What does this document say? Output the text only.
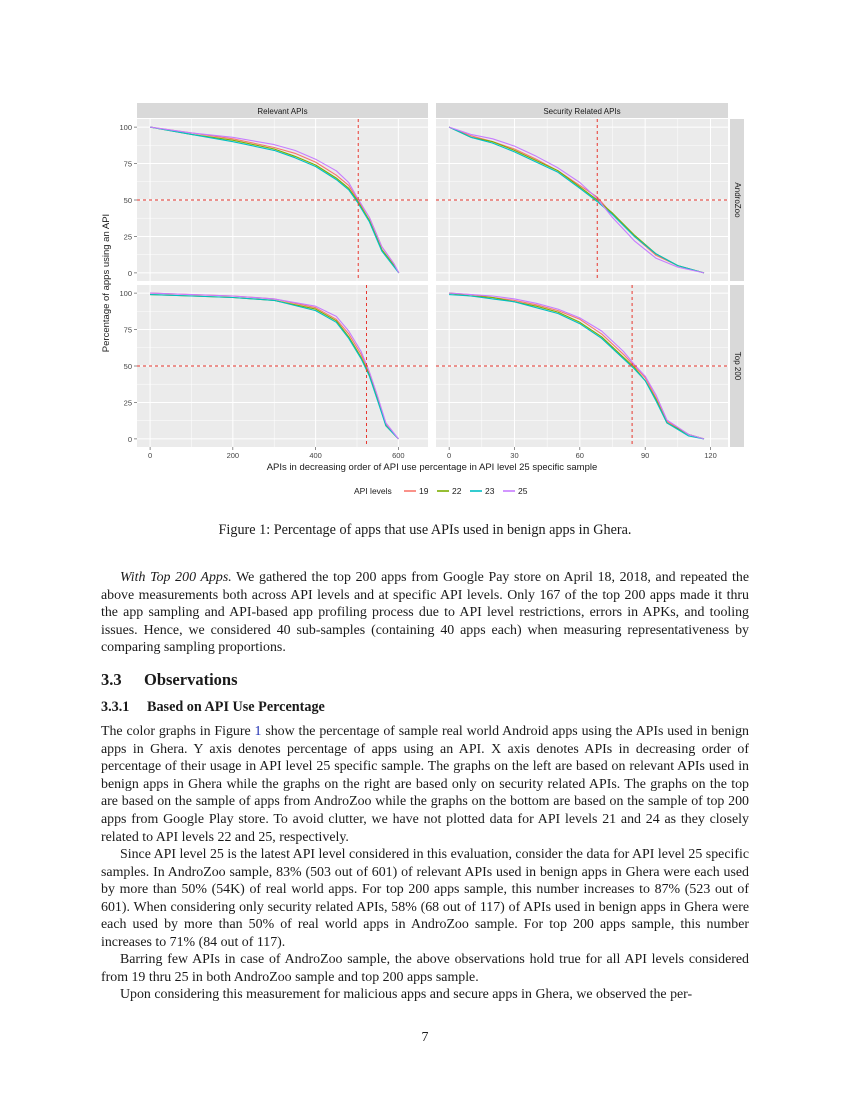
Relevant APIs	Security Related APIs
AndroZoo
Top 200
0
25
50
75
100
0
25
50
75
100
0	200	400	600	0	30	60	90	120
Percentage of apps using an API
APIs in decreasing order of API use percentage in API level 25 specific sample
API levels	19	22	23	25
Figure 1: Percentage of apps that use APIs used in benign apps in Ghera.

With Top 200 Apps. We gathered the top 200 apps from Google Pay store on April 18, 2018, and repeated the above measurements both across API levels and at specific API levels. Only 167 of the top 200 apps made it thru the app sampling and API-based app profiling process due to API level restrictions, errors in APKs, and tooling issues. Hence, we considered 40 sub-samples (containing 40 apps each) when measuring representativeness by comparing sampling proportions.

3.3 Observations
3.3.1 Based on API Use Percentage

The color graphs in Figure 1 show the percentage of sample real world Android apps using the APIs used in benign apps in Ghera. Y axis denotes percentage of apps using an API. X axis denotes APIs in decreasing order of percentage of their usage in API level 25 specific sample. The graphs on the left are based on relevant APIs used in benign apps in Ghera while the graphs on the right are based only on security related APIs. The graphs on the top are based on the sample of apps from AndroZoo while the graphs on the bottom are based on the sample of top 200 apps from Google Play store. To avoid clutter, we have not plotted data for API levels 21 and 24 as they closely related to API levels 22 and 25, respectively.

Since API level 25 is the latest API level considered in this evaluation, consider the data for API level 25 specific samples. In AndroZoo sample, 83% (503 out of 601) of relevant APIs used in benign apps in Ghera were each used by more than 50% (54K) of real world apps. For top 200 apps sample, this number increases to 87% (523 out of 601). When considering only security related APIs, 58% (68 out of 117) of APIs used in benign apps in Ghera were each used by more than 50% of real world apps in AndroZoo sample. For top 200 apps sample, this number increases to 71% (84 out of 117).

Barring few APIs in case of AndroZoo sample, the above observations hold true for all API levels considered from 19 thru 25 in both AndroZoo sample and top 200 apps sample.

Upon considering this measurement for malicious apps and secure apps in Ghera, we observed the per-

7
